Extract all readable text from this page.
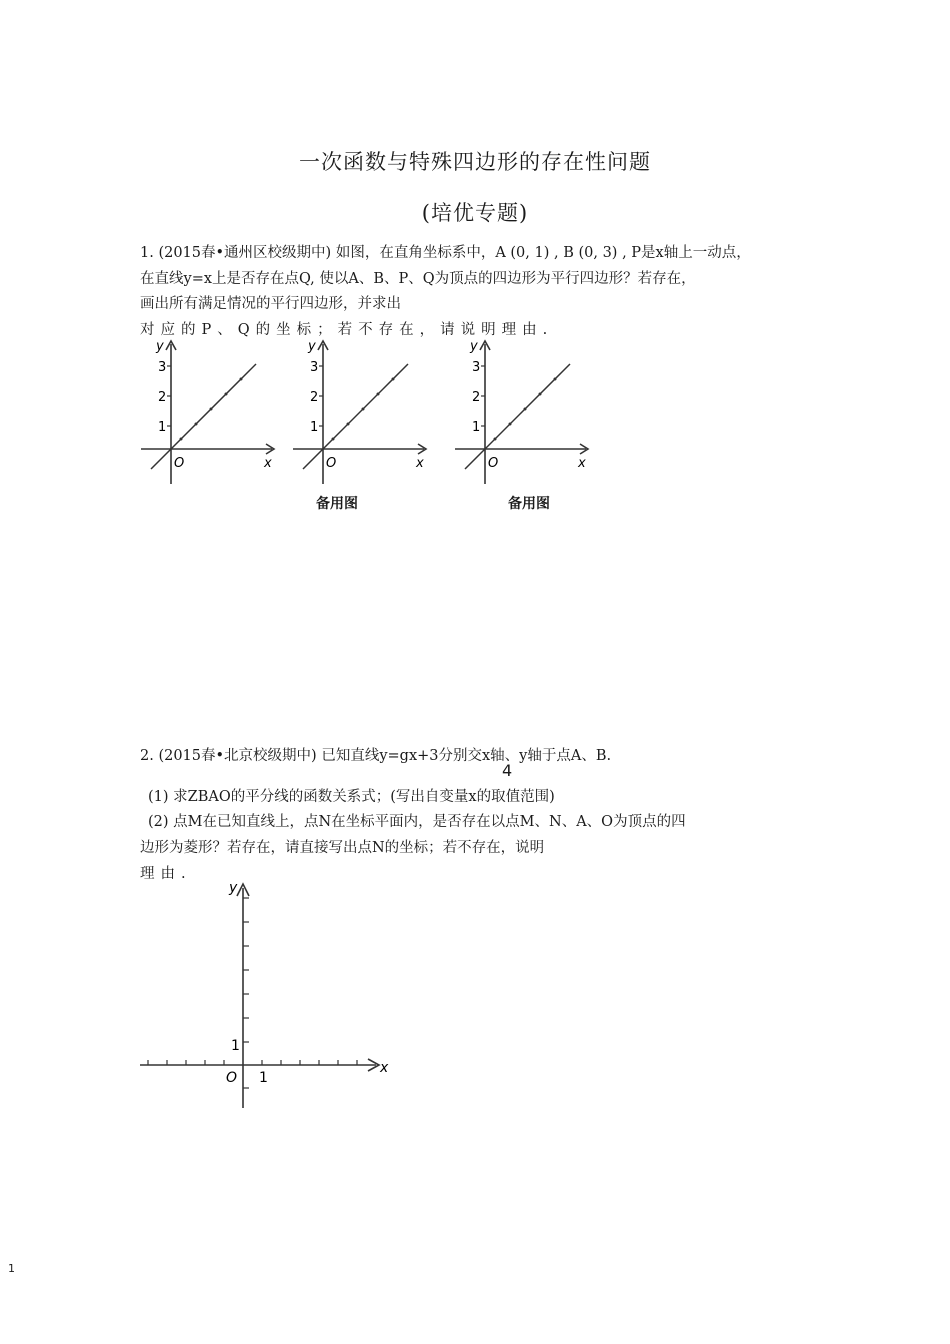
一次函数与特殊四边形的存在性问题
(培优专题)
1. (2015春•通州区校级期中) 如图，在直角坐标系中，A (0, 1) , B (0, 3) , P是x轴上一动点，
在直线y=x上是否存在点Q, 使以A、B、P、Q为顶点的四边形为平行四边形？若存在，
画出所有满足情况的平行四边形，并求出
对应的P、Q的坐标；若不存在，请说明理由.
y
x
O
1
2
3
y
x
O
1
2
3
y
x
O
1
2
3
备用图	备用图
2. (2015春•北京校级期中) 已知直线y=gx+3分别交x轴、y轴于点A、B.
4
(1) 求ZBAO的平分线的函数关系式；(写出自变量x的取值范围)
(2) 点M在已知直线上，点N在坐标平面内，是否存在以点M、N、A、O为顶点的四
边形为菱形？若存在，请直接写出点N的坐标；若不存在，说明
理由.
y
x
O
1
1
1
